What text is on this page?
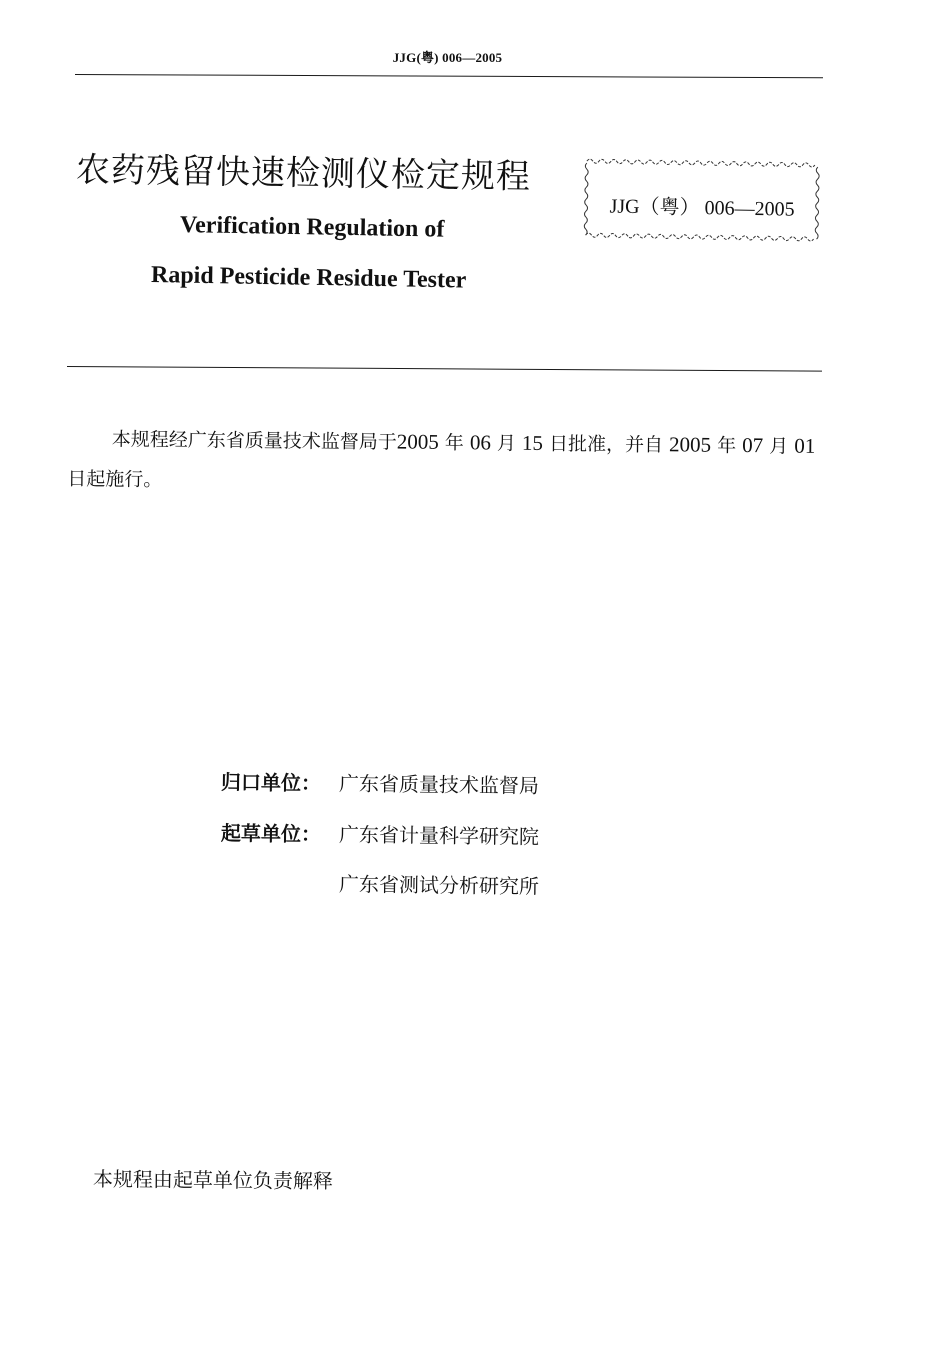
JJG(粤) 006—2005
农药残留快速检测仪检定规程
Verification Regulation of
Rapid Pesticide Residue Tester
JJG（粤） 006—2005
本规程经广东省质量技术监督局于2005 年 06 月 15 日批准，并自 2005 年 07 月 01 日起施行。
归口单位： 广东省质量技术监督局
起草单位： 广东省计量科学研究院
广东省测试分析研究所
本规程由起草单位负责解释
